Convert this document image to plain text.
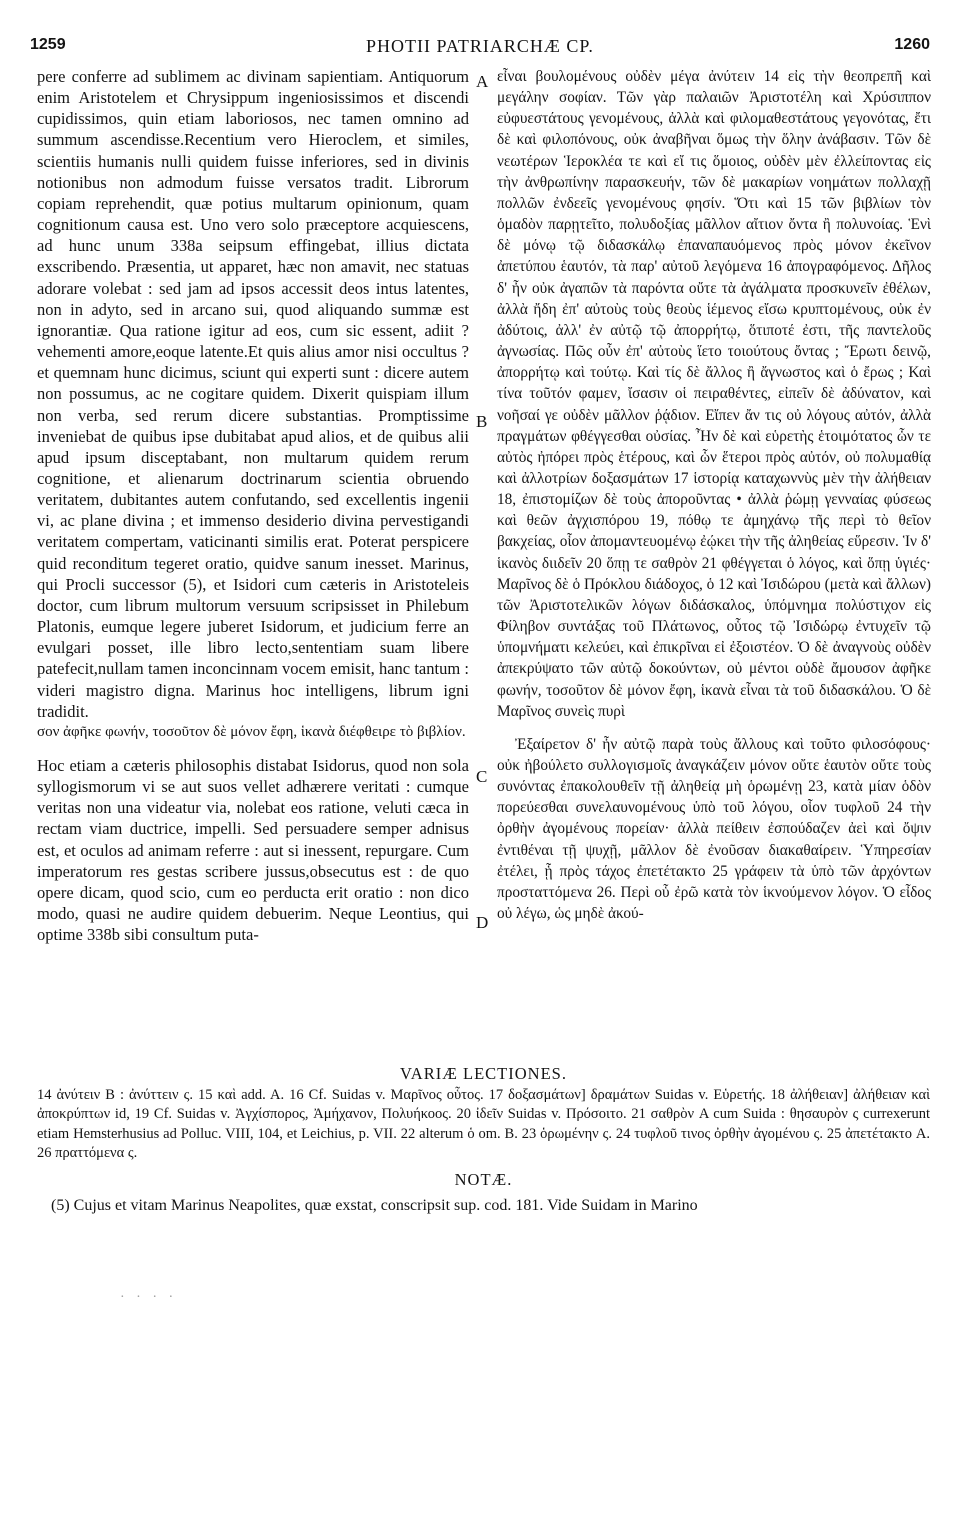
1259	PHOTII PATRIARCHÆ CP.	1260

pere conferre ad sublimem ac divinam sapientiam. Antiquorum enim Aristotelem et Chrysippum ingeniosissimos et discendi cupidissimos, quin etiam laboriosos, nec tamen omnino ad summum ascendisse.Recentium vero Hieroclem, et similes, scientiis humanis nulli quidem fuisse inferiores, sed in divinis notionibus non admodum fuisse versatos tradit. Librorum copiam reprehendit, quæ potius multarum opinionum, quam cognitionum causa est. Uno vero solo præceptore acquiescens, ad hunc unum 338a seipsum effingebat, illius dictata exscribendo. Præsentia, ut apparet, hæc non amavit, nec statuas adorare volebat : sed jam ad ipsos accessit deos intus latentes, non in adyto, sed in arcano sui, quod aliquando summæ est ignorantiæ. Qua ratione igitur ad eos, cum sic essent, adiit ? vehementi amore,eoque latente.Et quis alius amor nisi occultus ? et quemnam hunc dicimus, sciunt qui experti sunt : dicere autem non possumus, ac ne cogitare quidem. Dixerit quispiam illum non verba, sed rerum dicere substantias. Promptissime inveniebat de quibus ipse dubitabat apud alios, et de quibus alii apud ipsum disceptabant, non multarum quidem rerum cognitione, et alienarum doctrinarum scientia obruendo veritatem, dubitantes autem confutando, sed excellentis ingenii vi, ac plane divina ; et immenso desiderio divina pervestigandi veritatem compertam, vaticinanti similis erat. Poterat perspicere quid reconditum tegeret oratio, quidve sanum inesset. Marinus, qui Procli successor (5), et Isidori cum cæteris in Aristoteleis doctor, cum librum multorum versuum scripsisset in Philebum Platonis, eumque legere juberet Isidorum, et judicium ferre an evulgari posset, ille libro lecto,sententiam suam libere patefecit,nullam tamen inconcinnam vocem emisit, hanc tantum : videri magistro digna. Marinus hoc intelligens, librum igni tradidit.

σον ἀφῆκε φωνήν, τοσοῦτον δὲ μόνον ἔφη, ἱκανὰ διέφθειρε τὸ βιβλίον.

Hoc etiam a cæteris philosophis distabat Isidorus, quod non sola syllogismorum vi se aut suos vellet adhærere veritati : cumque veritas non una videatur via, nolebat eos ratione, veluti cæca in rectam viam ductrice, impelli. Sed persuadere semper adnisus est, et oculos ad animam referre : aut si inessent, repurgare. Cum imperatorum res gestas scribere jussus,obsecutus est : de quo opere dicam, quod scio, cum eo perducta erit oratio : non dico modo, quasi ne audire quidem debuerim. Neque Leontius, qui optime 338b sibi consultum puta-

A
B
C
D

εἶναι βουλομένους οὐδὲν μέγα ἀνύτειν 14 εἰς τὴν θεοπρεπῆ καὶ μεγάλην σοφίαν. Τῶν γὰρ παλαιῶν Ἀριστοτέλη καὶ Χρύσιππον εὐφυεστάτους γενομένους, ἀλλὰ καὶ φιλομαθεστάτους γεγονότας, ἔτι δὲ καὶ φιλοπόνους, οὐκ ἀναβῆναι ὅμως τὴν ὅλην ἀνάβασιν. Τῶν δὲ νεωτέρων Ἱεροκλέα τε καὶ εἴ τις ὅμοιος, οὐδὲν μὲν ἐλλείποντας εἰς τὴν ἀνθρωπίνην παρασκευήν, τῶν δὲ μακαρίων νοημάτων πολλαχῇ πολλῶν ἐνδεεῖς γενομένους φησίν. Ὅτι καὶ 15 τῶν βιβλίων τὸν ὁμαδὸν παρῃτεῖτο, πολυδοξίας μᾶλλον αἴτιον ὄντα ἢ πολυνοίας. Ἑνὶ δὲ μόνῳ τῷ διδασκάλῳ ἐπαναπαυόμενος πρὸς μόνον ἐκεῖνον ἀπετύπου ἑαυτόν, τὰ παρ' αὐτοῦ λεγόμενα 16 ἀπογραφόμενος. Δῆλος δ' ἦν οὐκ ἀγαπῶν τὰ παρόντα οὔτε τὰ ἀγάλματα προσκυνεῖν ἐθέλων, ἀλλὰ ἤδη ἐπ' αὐτοὺς τοὺς θεοὺς ἱέμενος εἴσω κρυπτομένους, οὐκ ἐν ἀδύτοις, ἀλλ' ἐν αὐτῷ τῷ ἀπορρήτῳ, ὅτιποτέ ἐστι, τῆς παντελοῦς ἀγνωσίας. Πῶς οὖν ἐπ' αὐτοὺς ἵετο τοιούτους ὄντας ; Ἔρωτι δεινῷ, ἀπορρήτῳ καὶ τούτῳ. Καὶ τίς δὲ ἄλλος ἢ ἄγνωστος καὶ ὁ ἔρως ; Καὶ τίνα τοῦτόν φαμεν, ἴσασιν οἱ πειραθέντες, εἰπεῖν δὲ ἀδύνατον, καὶ νοῆσαί γε οὐδὲν μᾶλλον ῥᾴδιον. Εἴπεν ἄν τις οὐ λόγους αὐτόν, ἀλλὰ πραγμάτων φθέγγεσθαι οὐσίας. Ἦν δὲ καὶ εὑρετὴς ἑτοιμότατος ὧν τε αὐτὸς ἠπόρει πρὸς ἑτέρους, καὶ ὧν ἕτεροι πρὸς αὐτόν, οὐ πολυμαθίᾳ καὶ ἀλλοτρίων δοξασμάτων 17 ἱστορίᾳ καταχωννὺς μὲν τὴν ἀλήθειαν 18, ἐπιστομίζων δὲ τοὺς ἀποροῦντας • ἀλλὰ ῥώμῃ γενναίας φύσεως καὶ θεῶν ἀγχισπόρου 19, πόθῳ τε ἀμηχάνῳ τῆς περὶ τὸ θεῖον βακχείας, οἷον ἀπομαντευομένῳ ἐῴκει τὴν τῆς ἀληθείας εὕρεσιν. Ἱν δ' ἱκανὸς διιδεῖν 20 ὅπῃ τε σαθρὸν 21 φθέγγεται ὁ λόγος, καὶ ὅπῃ ὑγιές· Μαρῖνος δὲ ὁ Πρόκλου διάδοχος, ὁ 12 καὶ Ἰσιδώρου (μετὰ καὶ ἄλλων) τῶν Ἀριστοτελικῶν λόγων διδάσκαλος, ὑπόμνημα πολύστιχον εἰς Φίληβον συντάξας τοῦ Πλάτωνος, οὗτος τῷ Ἰσιδώρῳ ἐντυχεῖν τῷ ὑπομνήματι κελεύει, καὶ ἐπικρῖναι εἰ ἐξοιστέον. Ὁ δὲ ἀναγνοὺς οὐδὲν ἀπεκρύψατο τῶν αὐτῷ δοκούντων, οὐ μέντοι οὐδὲ ἄμουσον ἀφῆκε φωνήν, τοσοῦτον δὲ μόνον ἔφη, ἱκανὰ εἶναι τὰ τοῦ διδασκάλου. Ὁ δὲ Μαρῖνος συνεὶς πυρὶ

Ἐξαίρετον δ' ἦν αὐτῷ παρὰ τοὺς ἄλλους καὶ τοῦτο φιλοσόφους· οὐκ ἠβούλετο συλλογισμοῖς ἀναγκάζειν μόνον οὔτε ἑαυτὸν οὔτε τοὺς συνόντας ἐπακολουθεῖν τῇ ἀληθείᾳ μὴ ὁρωμένῃ 23, κατὰ μίαν ὁδὸν πορεύεσθαι συνελαυνομένους ὑπὸ τοῦ λόγου, οἷον τυφλοῦ 24 τὴν ὀρθὴν ἀγομένους πορείαν· ἀλλὰ πείθειν ἐσπούδαζεν ἀεὶ καὶ ὄψιν ἐντιθέναι τῇ ψυχῇ, μᾶλλον δὲ ἐνοῦσαν διακαθαίρειν. Ὑπηρεσίαν ἐτέλει, ᾗ πρὸς τάχος ἐπετέτακτο 25 γράφειν τὰ ὑπὸ τῶν ἀρχόντων προσταττόμενα 26. Περὶ οὗ ἐρῶ κατὰ τὸν ἱκνούμενον λόγον. Ὁ εἶδος οὐ λέγω, ὡς μηδὲ ἀκού-

VARIÆ LECTIONES.

14 ἀνύτειν B : ἀνύττειν ς. 15 καὶ add. A. 16 Cf. Suidas v. Μαρῖνος οὗτος. 17 δοξασμάτων] δραμάτων Suidas v. Εὑρετής. 18 ἀλήθειαν] ἀλήθειαν καὶ ἀποκρύπτων id, 19 Cf. Suidas v. Ἀγχίσπορος, Ἀμήχανον, Πολυήκοος. 20 ἰδεῖν Suidas v. Πρόσοιτο. 21 σαθρὸν A cum Suida : θησαυρὸν ς currexerunt etiam Hemsterhusius ad Polluc. VIII, 104, et Leichius, p. VII. 22 alterum ὁ om. B. 23 ὁρωμένην ς. 24 τυφλοῦ τινος ὀρθὴν ἀγομένου ς. 25 ἀπετέτακτο A. 26 πραττόμενα ς.

NOTÆ.

(5) Cujus et vitam Marinus Neapolites, quæ exstat, conscripsit sup. cod. 181. Vide Suidam in Marino

· · · ·
